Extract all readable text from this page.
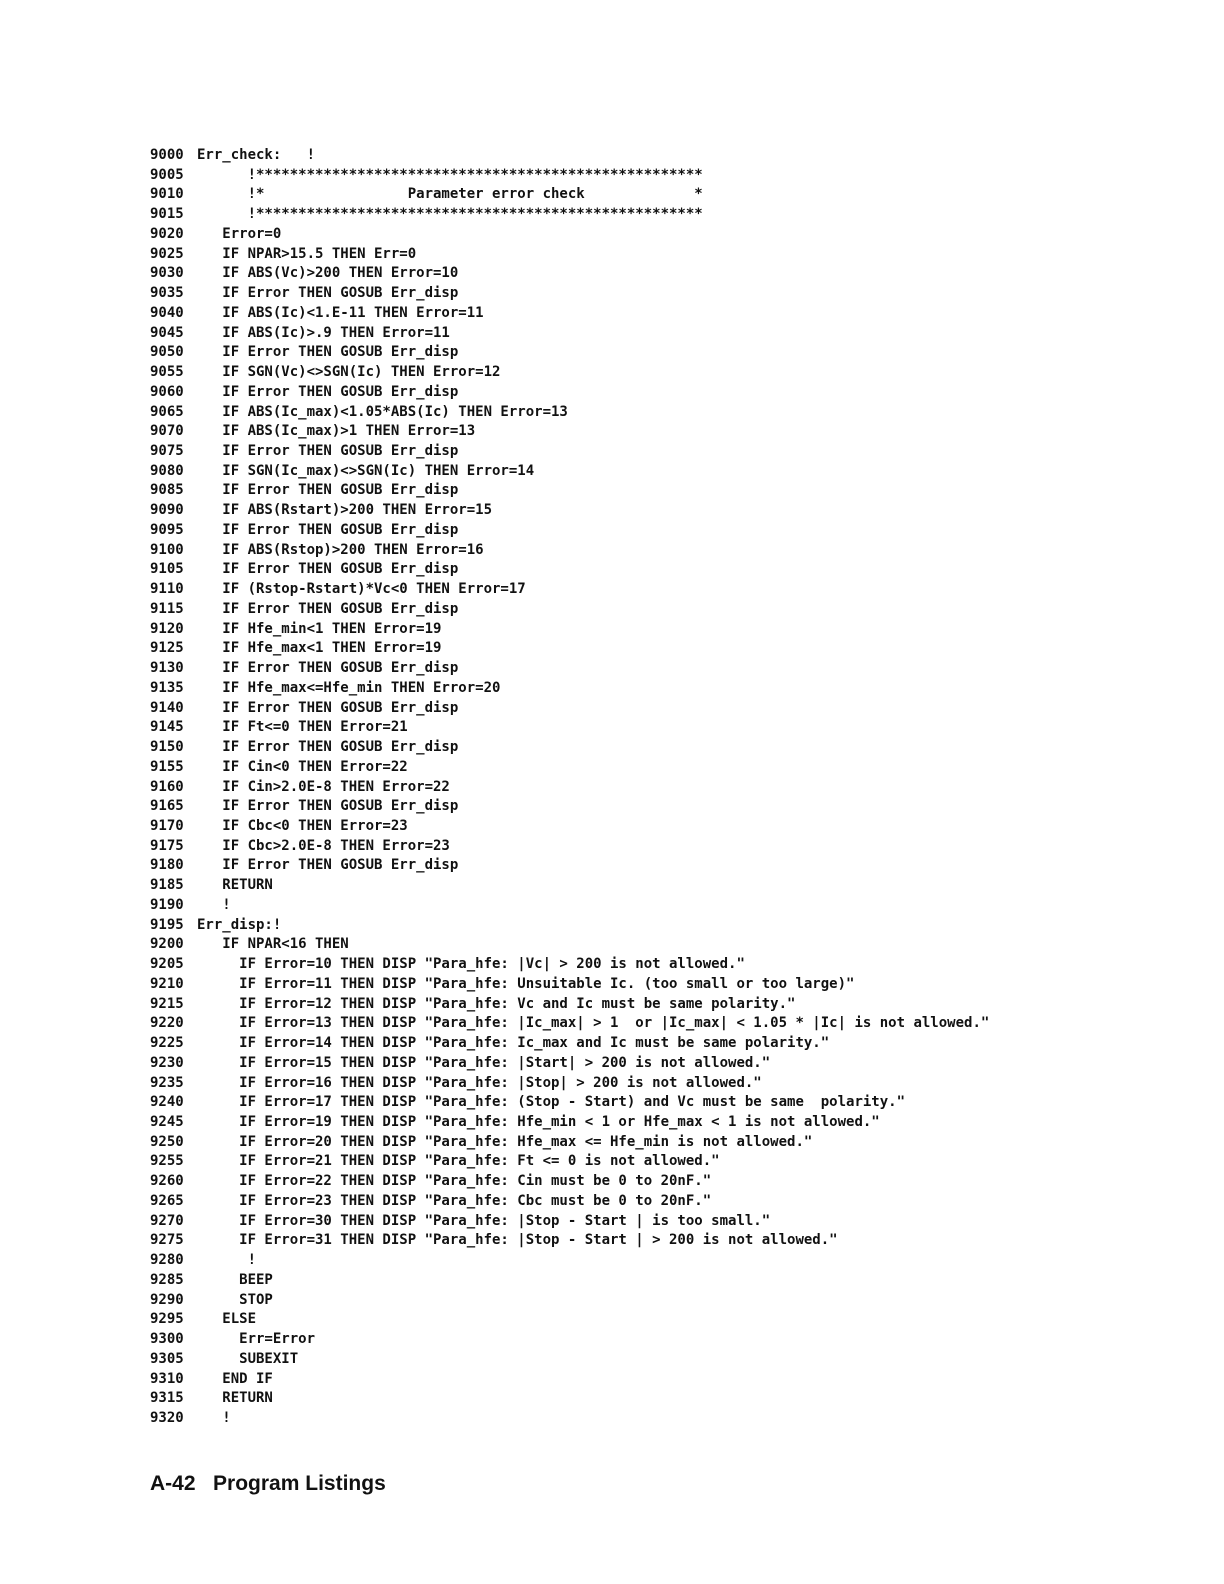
9000 Err_check:   !
9005 !*****************************************************
9010 !*                 Parameter error check             *
9015 !*****************************************************
9020 Error=0
9025 IF NPAR>15.5 THEN Err=0
9030 IF ABS(Vc)>200 THEN Error=10
9035 IF Error THEN GOSUB Err_disp
9040 IF ABS(Ic)<1.E-11 THEN Error=11
9045 IF ABS(Ic)>.9 THEN Error=11
9050 IF Error THEN GOSUB Err_disp
9055 IF SGN(Vc)<>SGN(Ic) THEN Error=12
9060 IF Error THEN GOSUB Err_disp
9065 IF ABS(Ic_max)<1.05*ABS(Ic) THEN Error=13
9070 IF ABS(Ic_max)>1 THEN Error=13
9075 IF Error THEN GOSUB Err_disp
9080 IF SGN(Ic_max)<>SGN(Ic) THEN Error=14
9085 IF Error THEN GOSUB Err_disp
9090 IF ABS(Rstart)>200 THEN Error=15
9095 IF Error THEN GOSUB Err_disp
9100 IF ABS(Rstop)>200 THEN Error=16
9105 IF Error THEN GOSUB Err_disp
9110 IF (Rstop-Rstart)*Vc<0 THEN Error=17
9115 IF Error THEN GOSUB Err_disp
9120 IF Hfe_min<1 THEN Error=19
9125 IF Hfe_max<1 THEN Error=19
9130 IF Error THEN GOSUB Err_disp
9135 IF Hfe_max<=Hfe_min THEN Error=20
9140 IF Error THEN GOSUB Err_disp
9145 IF Ft<=0 THEN Error=21
9150 IF Error THEN GOSUB Err_disp
9155 IF Cin<0 THEN Error=22
9160 IF Cin>2.0E-8 THEN Error=22
9165 IF Error THEN GOSUB Err_disp
9170 IF Cbc<0 THEN Error=23
9175 IF Cbc>2.0E-8 THEN Error=23
9180 IF Error THEN GOSUB Err_disp
9185 RETURN
9190 !
9195 Err_disp:!
9200 IF NPAR<16 THEN
9205 IF Error=10 THEN DISP "Para_hfe: |Vc| > 200 is not allowed."
9210 IF Error=11 THEN DISP "Para_hfe: Unsuitable Ic. (too small or too large)"
9215 IF Error=12 THEN DISP "Para_hfe: Vc and Ic must be same polarity."
9220 IF Error=13 THEN DISP "Para_hfe: |Ic_max| > 1  or |Ic_max| < 1.05 * |Ic| is not allowed."
9225 IF Error=14 THEN DISP "Para_hfe: Ic_max and Ic must be same polarity."
9230 IF Error=15 THEN DISP "Para_hfe: |Start| > 200 is not allowed."
9235 IF Error=16 THEN DISP "Para_hfe: |Stop| > 200 is not allowed."
9240 IF Error=17 THEN DISP "Para_hfe: (Stop - Start) and Vc must be same  polarity."
9245 IF Error=19 THEN DISP "Para_hfe: Hfe_min < 1 or Hfe_max < 1 is not allowed."
9250 IF Error=20 THEN DISP "Para_hfe: Hfe_max <= Hfe_min is not allowed."
9255 IF Error=21 THEN DISP "Para_hfe: Ft <= 0 is not allowed."
9260 IF Error=22 THEN DISP "Para_hfe: Cin must be 0 to 20nF."
9265 IF Error=23 THEN DISP "Para_hfe: Cbc must be 0 to 20nF."
9270 IF Error=30 THEN DISP "Para_hfe: |Stop - Start | is too small."
9275 IF Error=31 THEN DISP "Para_hfe: |Stop - Start | > 200 is not allowed."
9280 !
9285 BEEP
9290 STOP
9295 ELSE
9300 Err=Error
9305 SUBEXIT
9310 END IF
9315 RETURN
9320 !
A-42 Program Listings
